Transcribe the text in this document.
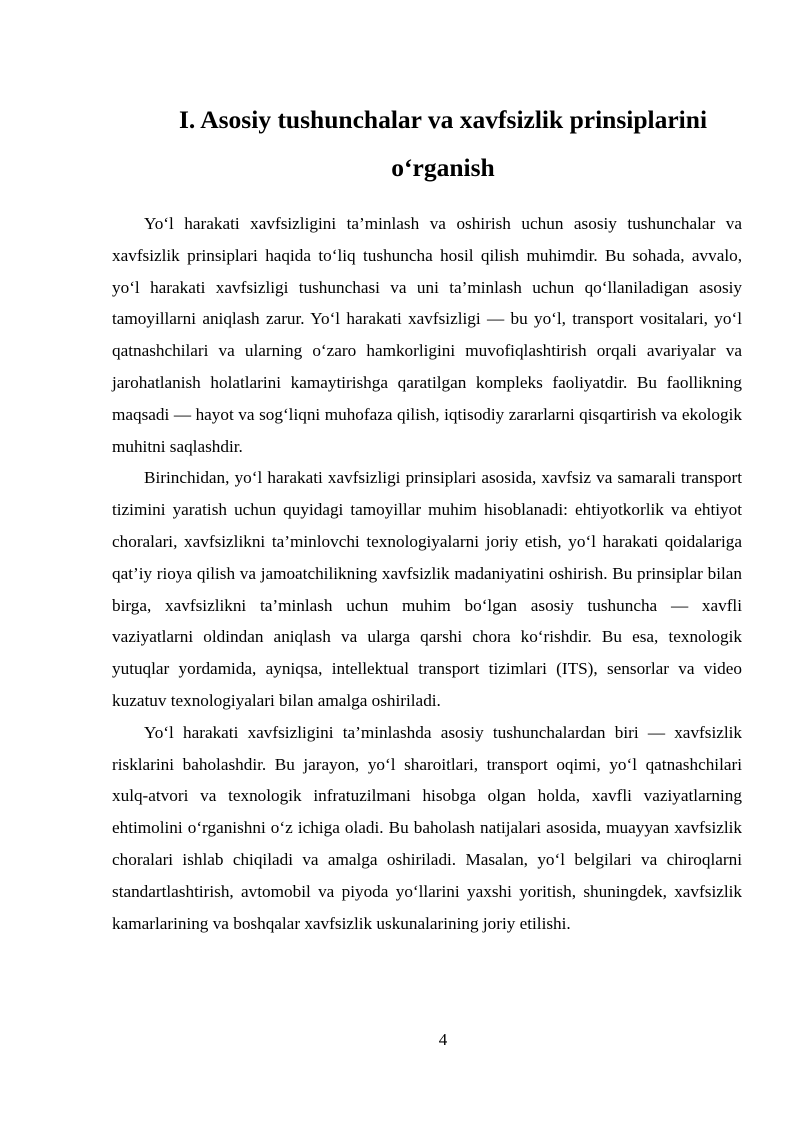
I. Asosiy tushunchalar va xavfsizlik prinsiplarini o‘rganish

Yo‘l harakati xavfsizligini ta’minlash va oshirish uchun asosiy tushunchalar va xavfsizlik prinsiplari haqida to‘liq tushuncha hosil qilish muhimdir. Bu sohada, avvalo, yo‘l harakati xavfsizligi tushunchasi va uni ta’minlash uchun qo‘llaniladigan asosiy tamoyillarni aniqlash zarur. Yo‘l harakati xavfsizligi — bu yo‘l, transport vositalari, yo‘l qatnashchilari va ularning o‘zaro hamkorligini muvofiqlashtirish orqali avariyalar va jarohatlanish holatlarini kamaytirishga qaratilgan kompleks faoliyatdir. Bu faollikning maqsadi — hayot va sog‘liqni muhofaza qilish, iqtisodiy zararlarni qisqartirish va ekologik muhitni saqlashdir.

Birinchidan, yo‘l harakati xavfsizligi prinsiplari asosida, xavfsiz va samarali transport tizimini yaratish uchun quyidagi tamoyillar muhim hisoblanadi: ehtiyotkorlik va ehtiyot choralari, xavfsizlikni ta’minlovchi texnologiyalarni joriy etish, yo‘l harakati qoidalariga qat’iy rioya qilish va jamoatchilikning xavfsizlik madaniyatini oshirish. Bu prinsiplar bilan birga, xavfsizlikni ta’minlash uchun muhim bo‘lgan asosiy tushuncha — xavfli vaziyatlarni oldindan aniqlash va ularga qarshi chora ko‘rishdir. Bu esa, texnologik yutuqlar yordamida, ayniqsa, intellektual transport tizimlari (ITS), sensorlar va video kuzatuv texnologiyalari bilan amalga oshiriladi.

Yo‘l harakati xavfsizligini ta’minlashda asosiy tushunchalardan biri — xavfsizlik risklarini baholashdir. Bu jarayon, yo‘l sharoitlari, transport oqimi, yo‘l qatnashchilari xulq-atvori va texnologik infratuzilmani hisobga olgan holda, xavfli vaziyatlarning ehtimolini o‘rganishni o‘z ichiga oladi. Bu baholash natijalari asosida, muayyan xavfsizlik choralari ishlab chiqiladi va amalga oshiriladi. Masalan, yo‘l belgilari va chiroqlarni standartlashtirish, avtomobil va piyoda yo‘llarini yaxshi yoritish, shuningdek, xavfsizlik kamarlarining va boshqalar xavfsizlik uskunalarining joriy etilishi.

4
